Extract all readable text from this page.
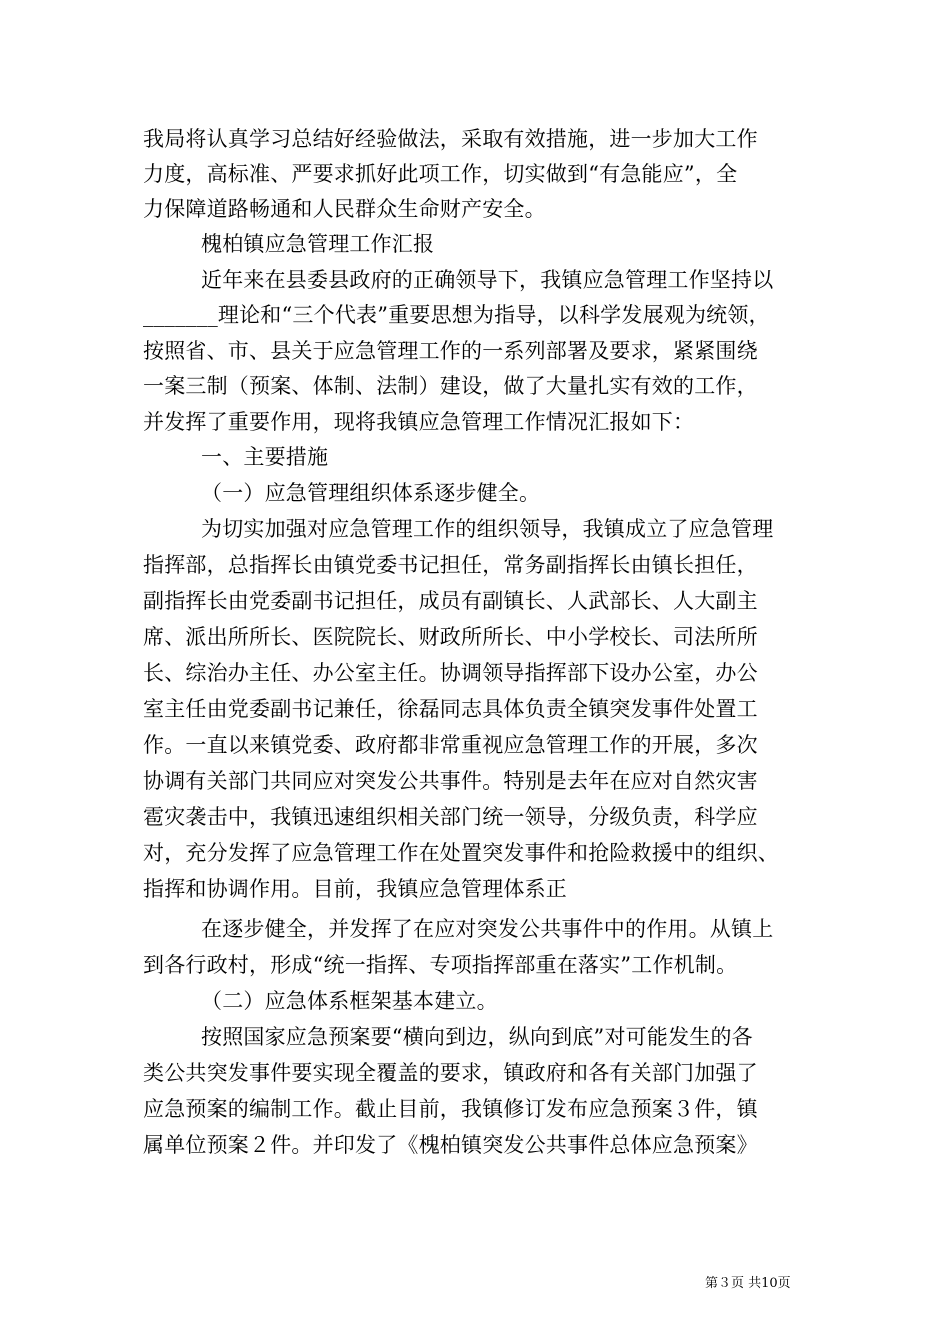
我局将认真学习总结好经验做法，采取有效措施，进一步加大工作
力度，高标准、严要求抓好此项工作，切实做到“有急能应”，全
力保障道路畅通和人民群众生命财产安全。
槐柏镇应急管理工作汇报
近年来在县委县政府的正确领导下，我镇应急管理工作坚持以
_______理论和“三个代表”重要思想为指导，以科学发展观为统领，
按照省、市、县关于应急管理工作的一系列部署及要求，紧紧围绕
一案三制（预案、体制、法制）建设，做了大量扎实有效的工作，
并发挥了重要作用，现将我镇应急管理工作情况汇报如下：
一、主要措施
（一）应急管理组织体系逐步健全。
为切实加强对应急管理工作的组织领导，我镇成立了应急管理
指挥部，总指挥长由镇党委书记担任，常务副指挥长由镇长担任，
副指挥长由党委副书记担任，成员有副镇长、人武部长、人大副主
席、派出所所长、医院院长、财政所所长、中小学校长、司法所所
长、综治办主任、办公室主任。协调领导指挥部下设办公室，办公
室主任由党委副书记兼任，徐磊同志具体负责全镇突发事件处置工
作。一直以来镇党委、政府都非常重视应急管理工作的开展，多次
协调有关部门共同应对突发公共事件。特别是去年在应对自然灾害
雹灾袭击中，我镇迅速组织相关部门统一领导，分级负责，科学应
对，充分发挥了应急管理工作在处置突发事件和抢险救援中的组织、
指挥和协调作用。目前，我镇应急管理体系正
在逐步健全，并发挥了在应对突发公共事件中的作用。从镇上
到各行政村，形成“统一指挥、专项指挥部重在落实”工作机制。
（二）应急体系框架基本建立。
按照国家应急预案要“横向到边，纵向到底”对可能发生的各
类公共突发事件要实现全覆盖的要求，镇政府和各有关部门加强了
应急预案的编制工作。截止目前，我镇修订发布应急预案３件，镇
属单位预案２件。并印发了《槐柏镇突发公共事件总体应急预案》
第３页 共10页
